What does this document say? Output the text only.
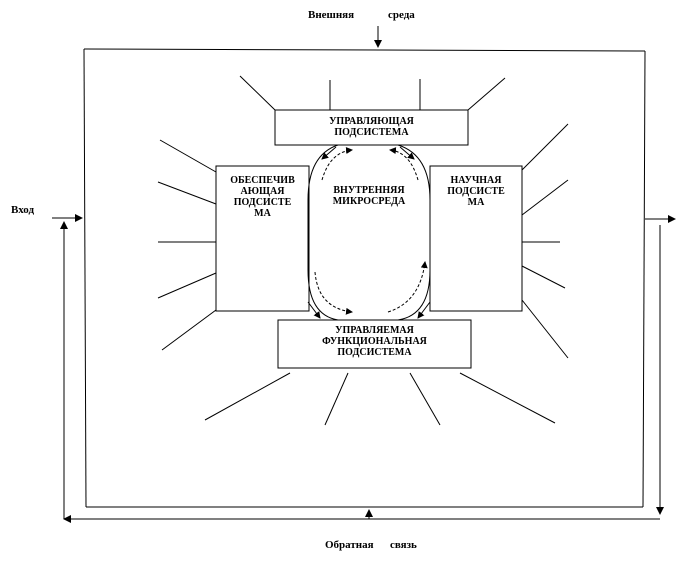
Внешняя	среда
Вход
Обратная связь
УПРАВЛЯЮЩАЯ
ПОДСИСТЕМА
ОБЕСПЕЧИВ
АЮЩАЯ
ПОДСИСТЕ
МА
НАУЧНАЯ
ПОДСИСТЕ
МА
УПРАВЛЯЕМАЯ
ФУНКЦИОНАЛЬНАЯ
ПОДСИСТЕМА
ВНУТРЕННЯЯ
МИКРОСРЕДА
